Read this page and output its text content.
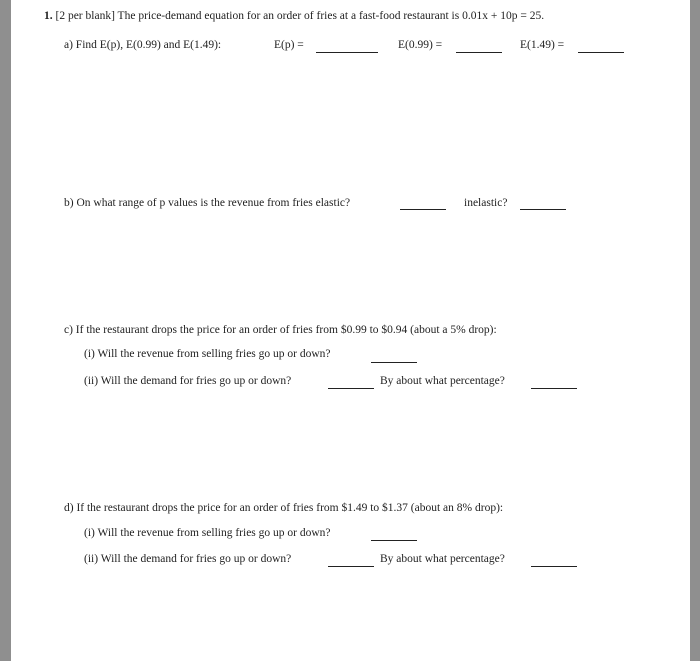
1. [2 per blank] The price-demand equation for an order of fries at a fast-food restaurant is 0.01x + 10p = 25.
a) Find E(p), E(0.99) and E(1.49):	E(p) =	E(0.99) =	E(1.49) =
b) On what range of p values is the revenue from fries elastic?	inelastic?
c) If the restaurant drops the price for an order of fries from $0.99 to $0.94 (about a 5% drop):
(i) Will the revenue from selling fries go up or down?
(ii) Will the demand for fries go up or down?	By about what percentage?
d) If the restaurant drops the price for an order of fries from $1.49 to $1.37 (about an 8% drop):
(i) Will the revenue from selling fries go up or down?
(ii) Will the demand for fries go up or down?	By about what percentage?
